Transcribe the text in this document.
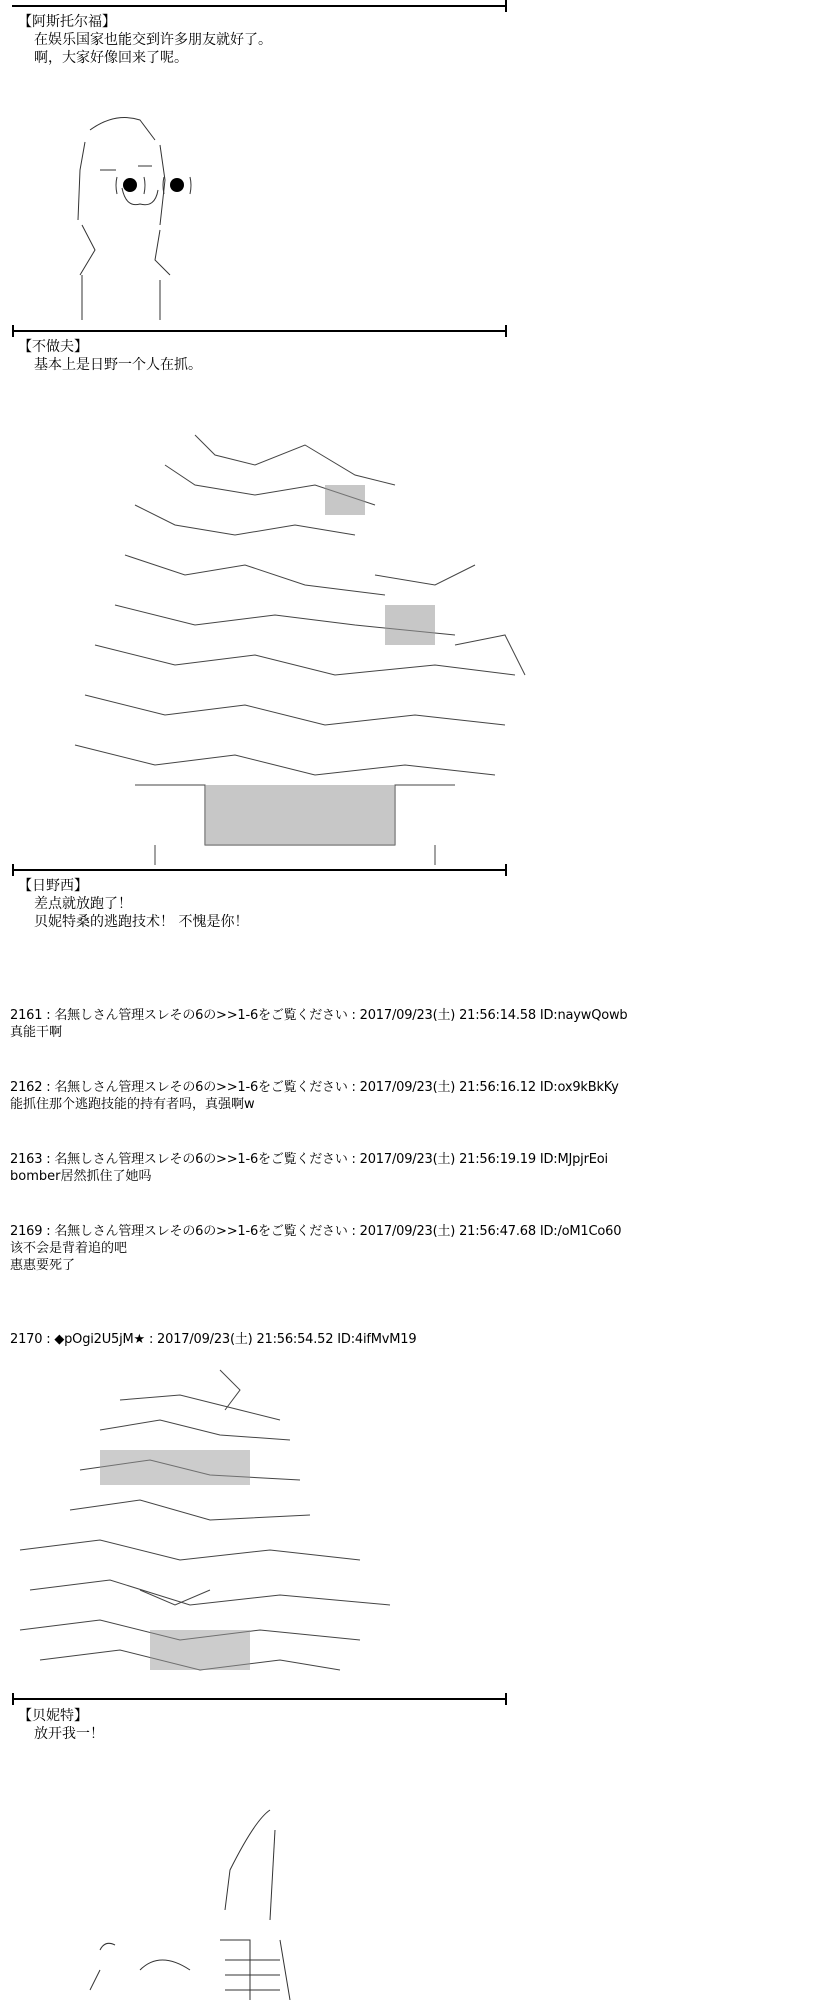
【阿斯托尔福】
在娱乐国家也能交到许多朋友就好了。
啊，大家好像回来了呢。
【不做夫】
基本上是日野一个人在抓。
【日野西】
差点就放跑了！
贝妮特桑的逃跑技术！ 不愧是你！
2161 : 名無しさん管理スレその6の>>1-6をご覧ください : 2017/09/23(土) 21:56:14.58 ID:naywQowb
真能干啊
2162 : 名無しさん管理スレその6の>>1-6をご覧ください : 2017/09/23(土) 21:56:16.12 ID:ox9kBkKy
能抓住那个逃跑技能的持有者吗，真强啊w
2163 : 名無しさん管理スレその6の>>1-6をご覧ください : 2017/09/23(土) 21:56:19.19 ID:MJpjrEoi
bomber居然抓住了她吗
2169 : 名無しさん管理スレその6の>>1-6をご覧ください : 2017/09/23(土) 21:56:47.68 ID:/oM1Co60
该不会是背着追的吧
惠惠要死了
2170 : ◆pOgi2U5jM★ : 2017/09/23(土) 21:56:54.52 ID:4ifMvM19
【贝妮特】
放开我一！
